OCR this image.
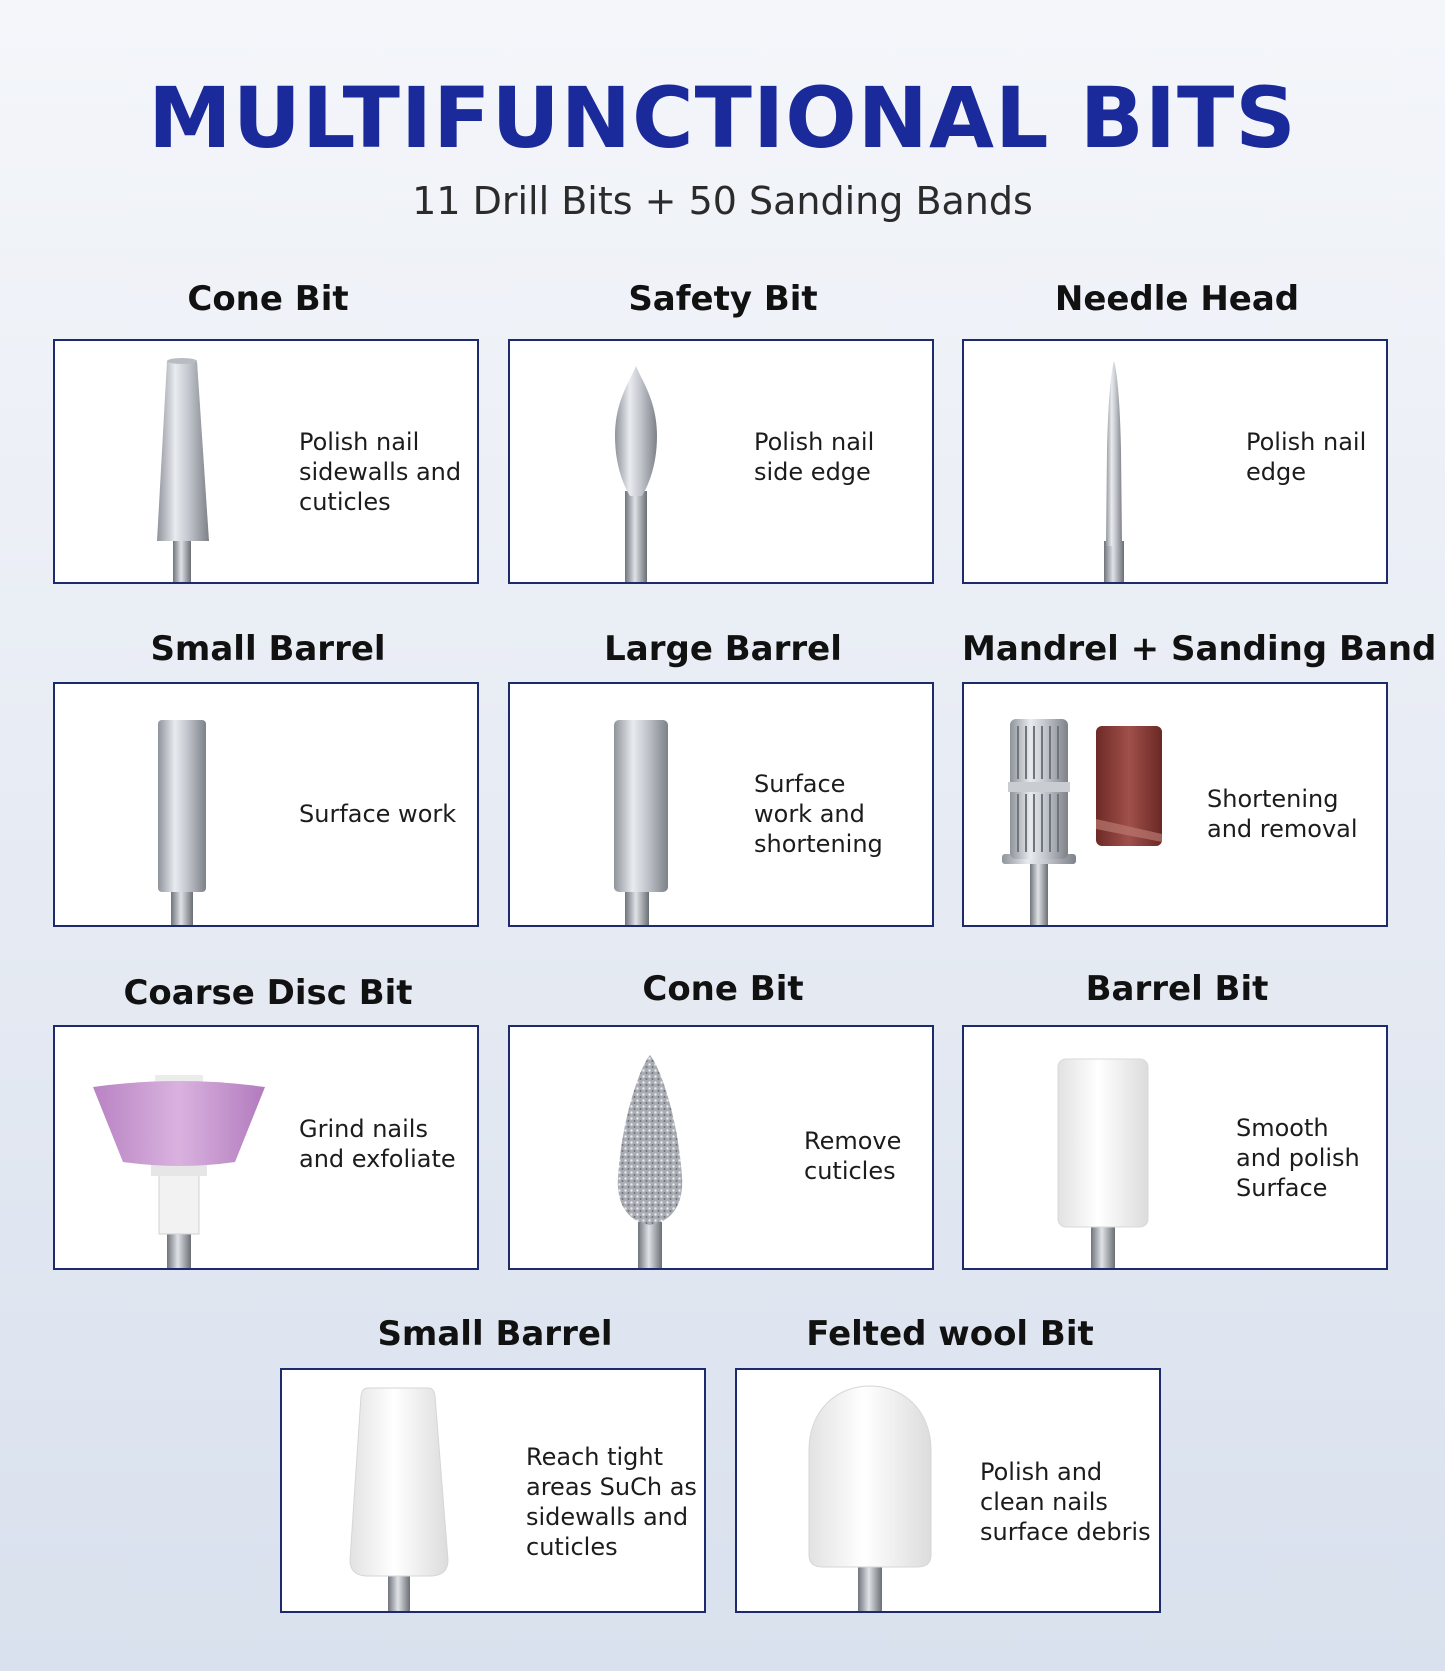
MULTIFUNCTIONAL BITS
11 Drill Bits + 50 Sanding Bands
Cone Bit
Polish nail
sidewalls and
cuticles
Safety Bit
Polish nail
side edge
Needle Head
Polish nail
edge
Small Barrel
Surface work
Large Barrel
Surface
work and
shortening
Mandrel + Sanding Band
Shortening
and removal
Coarse Disc Bit
Grind nails
and exfoliate
Cone Bit
Remove
cuticles
Barrel Bit
Smooth
and polish
Surface
Small Barrel
Reach tight
areas SuCh as
sidewalls and
cuticles
Felted wool Bit
Polish and
clean nails
surface debris
